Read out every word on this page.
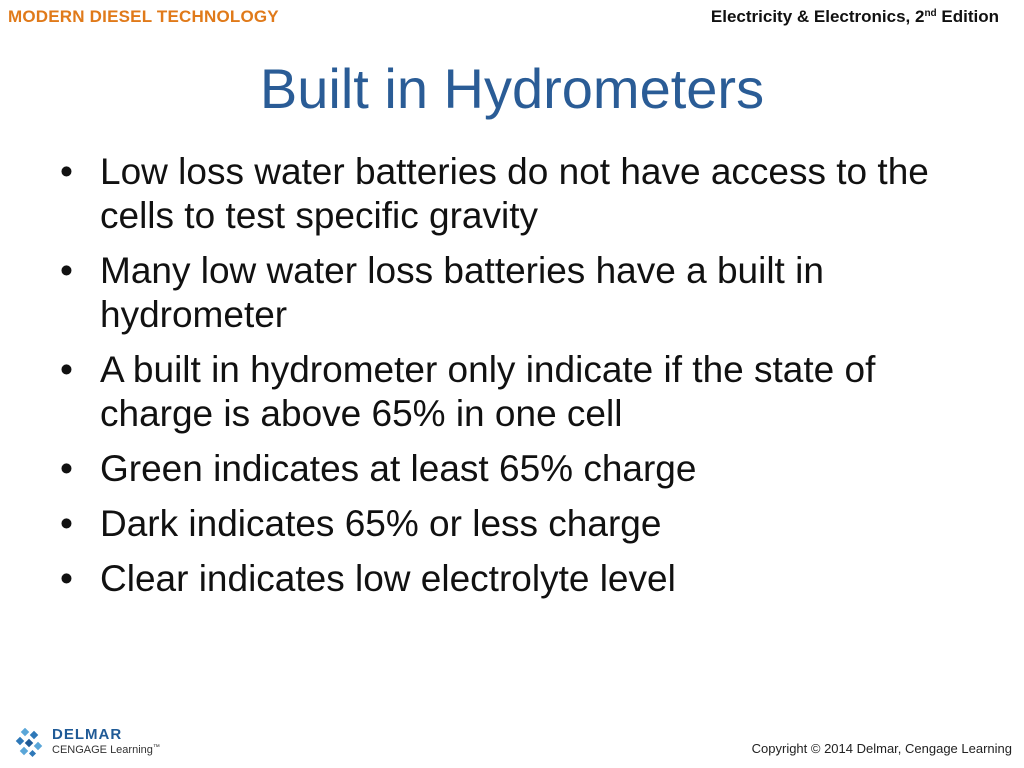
MODERN DIESEL TECHNOLOGY	Electricity & Electronics, 2nd Edition
Built in Hydrometers
• Low loss water batteries do not have access to the cells to test specific gravity
• Many low water loss batteries have a built in hydrometer
• A built in hydrometer only indicate if the state of charge is above 65% in one cell
• Green indicates at least 65% charge
• Dark indicates 65% or less charge
• Clear indicates low electrolyte level
DELMAR
CENGAGE Learning™	Copyright © 2014 Delmar, Cengage Learning
